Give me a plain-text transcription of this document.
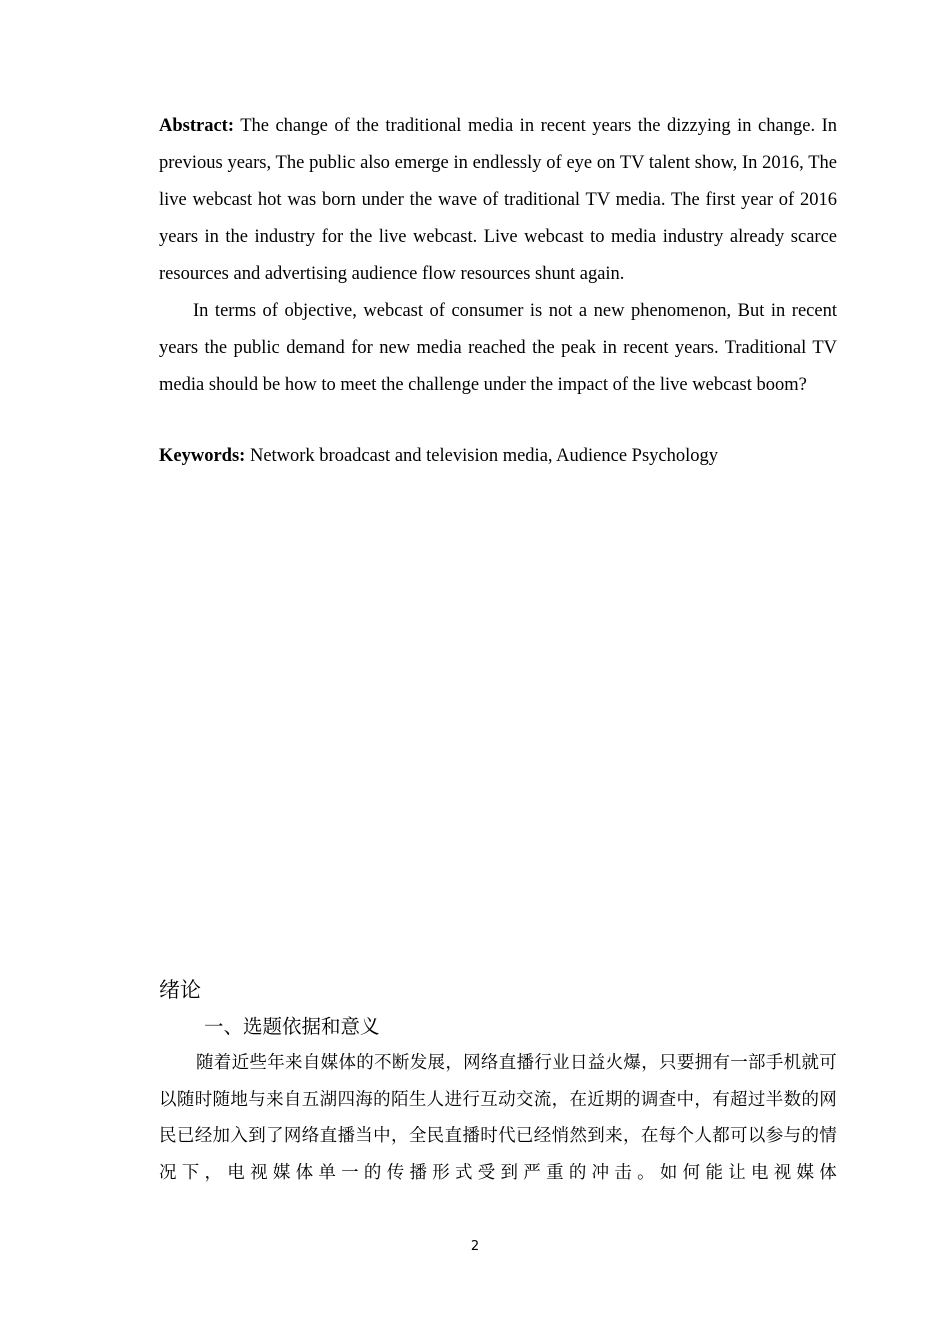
Abstract: The change of the traditional media in recent years the dizzying in change. In previous years, The public also emerge in endlessly of eye on TV talent show, In 2016, The live webcast hot was born under the wave of traditional TV media. The first year of 2016 years in the industry for the live webcast. Live webcast to media industry already scarce resources and advertising audience flow resources shunt again.

In terms of objective, webcast of consumer is not a new phenomenon, But in recent years the public demand for new media reached the peak in recent years. Traditional TV media should be how to meet the challenge under the impact of the live webcast boom?

Keywords: Network broadcast and television media, Audience Psychology

绪论
一、选题依据和意义

随着近些年来自媒体的不断发展，网络直播行业日益火爆，只要拥有一部手机就可以随时随地与来自五湖四海的陌生人进行互动交流，在近期的调查中，有超过半数的网民已经加入到了网络直播当中，全民直播时代已经悄然到来，在每个人都可以参与的情况下，电视媒体单一的传播形式受到严重的冲击。如何能让电视媒体

2
